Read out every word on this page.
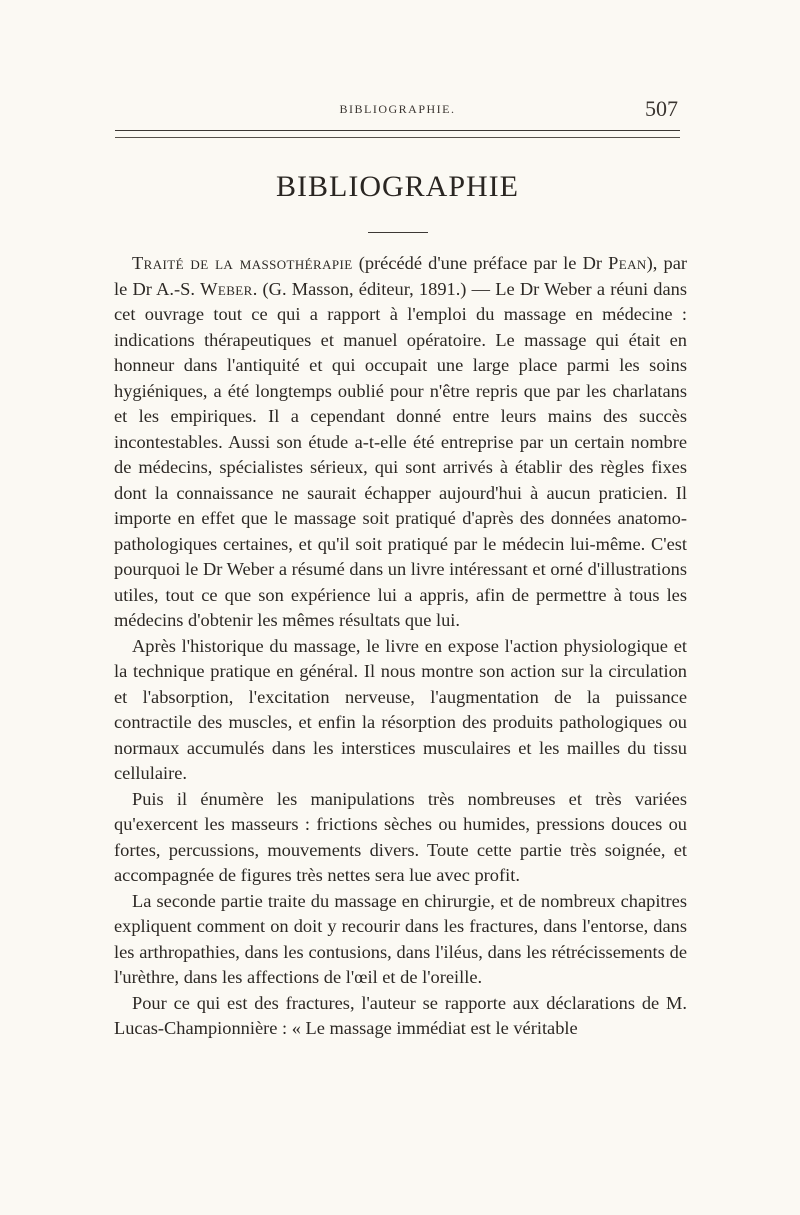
BIBLIOGRAPHIE.	507
BIBLIOGRAPHIE

Traité de la massothérapie (précédé d'une préface par le Dr Pean), par le Dr A.-S. Weber. (G. Masson, éditeur, 1891.) — Le Dr Weber a réuni dans cet ouvrage tout ce qui a rapport à l'emploi du massage en médecine : indications thérapeutiques et manuel opératoire. Le massage qui était en honneur dans l'antiquité et qui occupait une large place parmi les soins hygiéniques, a été longtemps oublié pour n'être repris que par les charlatans et les empiriques. Il a cependant donné entre leurs mains des succès incontestables. Aussi son étude a-t-elle été entreprise par un certain nombre de médecins, spécialistes sérieux, qui sont arrivés à établir des règles fixes dont la connaissance ne saurait échapper aujourd'hui à aucun praticien. Il importe en effet que le massage soit pratiqué d'après des données anatomo-pathologiques certaines, et qu'il soit pratiqué par le médecin lui-même. C'est pourquoi le Dr Weber a résumé dans un livre intéressant et orné d'illustrations utiles, tout ce que son expérience lui a appris, afin de permettre à tous les médecins d'obtenir les mêmes résultats que lui.

Après l'historique du massage, le livre en expose l'action physiologique et la technique pratique en général. Il nous montre son action sur la circulation et l'absorption, l'excitation nerveuse, l'augmentation de la puissance contractile des muscles, et enfin la résorption des produits pathologiques ou normaux accumulés dans les interstices musculaires et les mailles du tissu cellulaire.

Puis il énumère les manipulations très nombreuses et très variées qu'exercent les masseurs : frictions sèches ou humides, pressions douces ou fortes, percussions, mouvements divers. Toute cette partie très soignée, et accompagnée de figures très nettes sera lue avec profit.

La seconde partie traite du massage en chirurgie, et de nombreux chapitres expliquent comment on doit y recourir dans les fractures, dans l'entorse, dans les arthropathies, dans les contusions, dans l'iléus, dans les rétrécissements de l'urèthre, dans les affections de l'œil et de l'oreille.

Pour ce qui est des fractures, l'auteur se rapporte aux déclarations de M. Lucas-Championnière : « Le massage immédiat est le véritable
